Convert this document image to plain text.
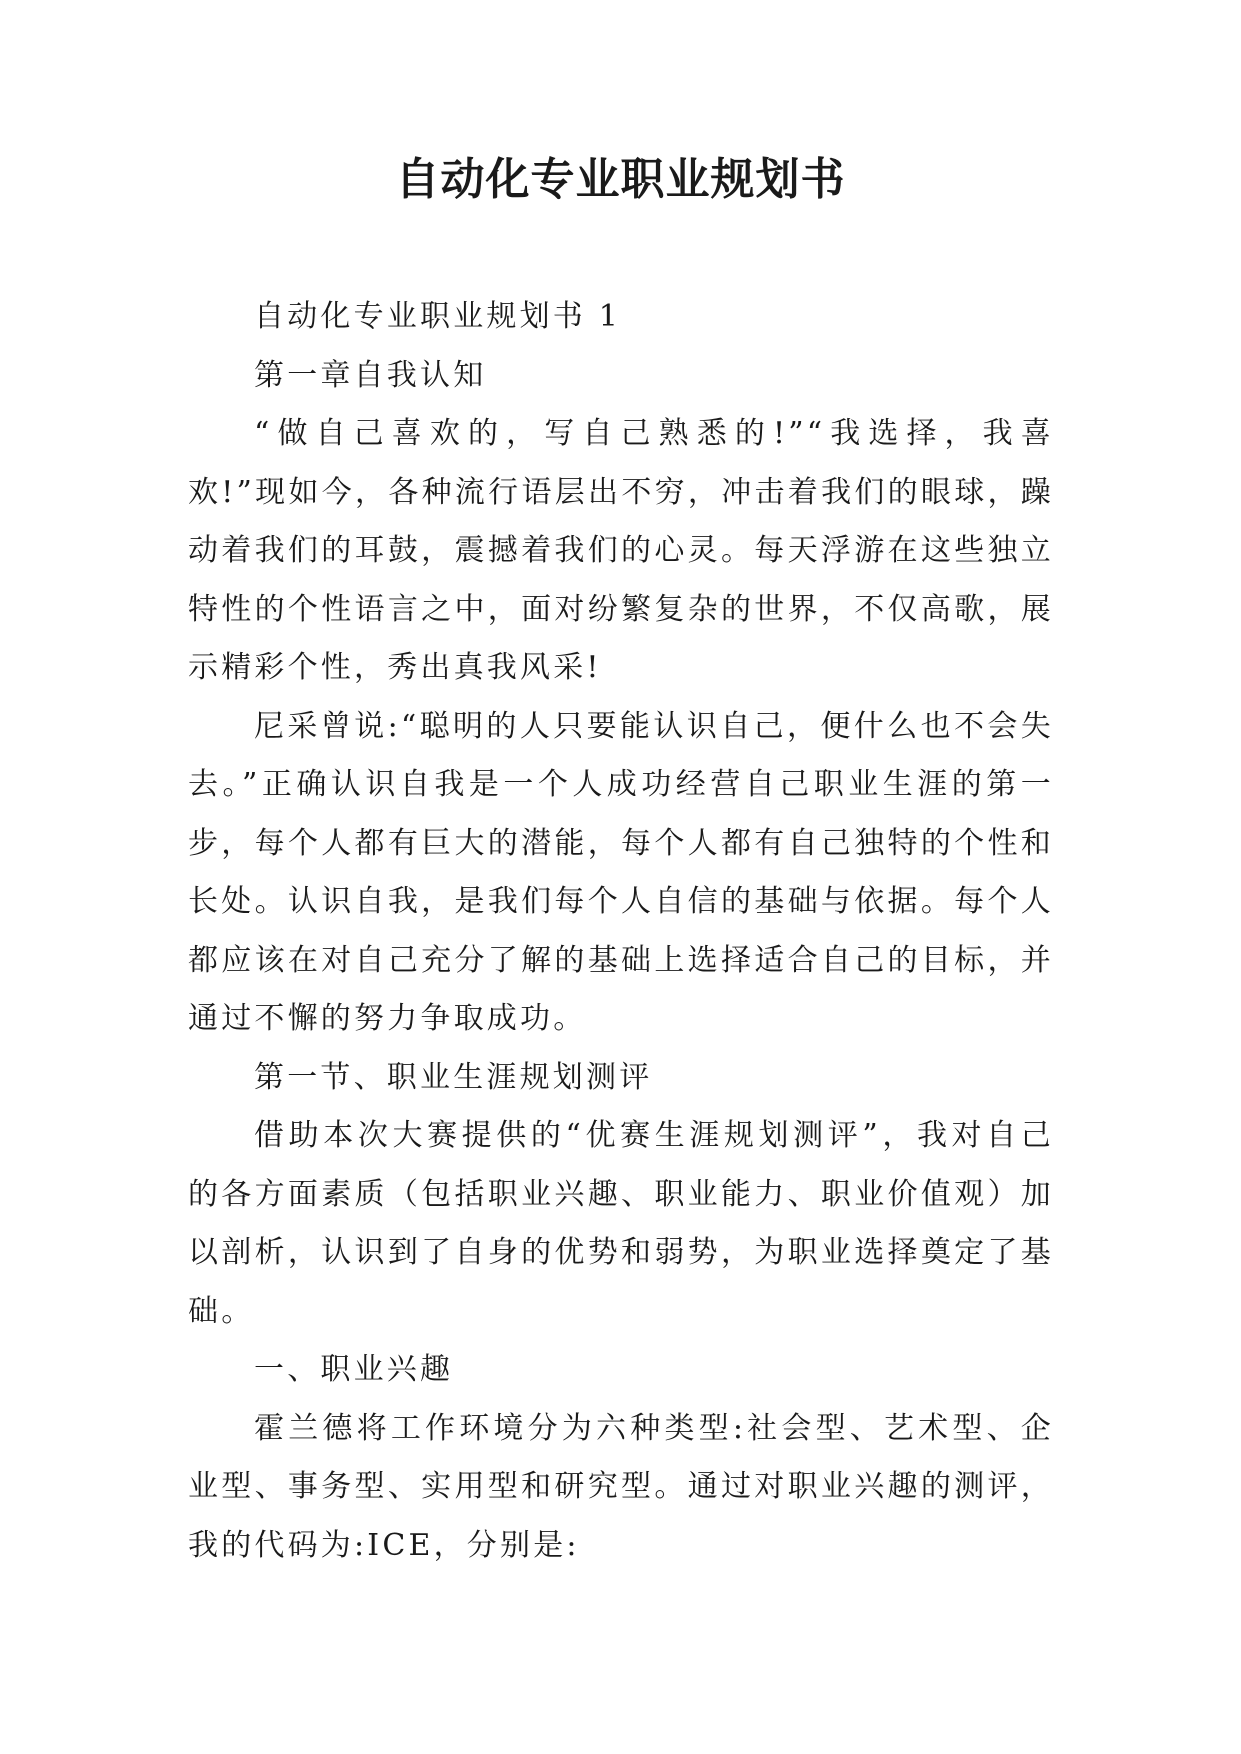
自动化专业职业规划书

自动化专业职业规划书 1

第一章自我认知

“做自己喜欢的，写自己熟悉的!”“我选择，我喜欢!”现如今，各种流行语层出不穷，冲击着我们的眼球，躁动着我们的耳鼓，震撼着我们的心灵。每天浮游在这些独立特性的个性语言之中，面对纷繁复杂的世界，不仅高歌，展示精彩个性，秀出真我风采!

尼采曾说:“聪明的人只要能认识自己，便什么也不会失去。”正确认识自我是一个人成功经营自己职业生涯的第一步，每个人都有巨大的潜能，每个人都有自己独特的个性和长处。认识自我，是我们每个人自信的基础与依据。每个人都应该在对自己充分了解的基础上选择适合自己的目标，并通过不懈的努力争取成功。

第一节、职业生涯规划测评

借助本次大赛提供的“优赛生涯规划测评”，我对自己的各方面素质（包括职业兴趣、职业能力、职业价值观）加以剖析，认识到了自身的优势和弱势，为职业选择奠定了基础。

一、职业兴趣

霍兰德将工作环境分为六种类型:社会型、艺术型、企业型、事务型、实用型和研究型。通过对职业兴趣的测评，我的代码为:ICE，分别是:
